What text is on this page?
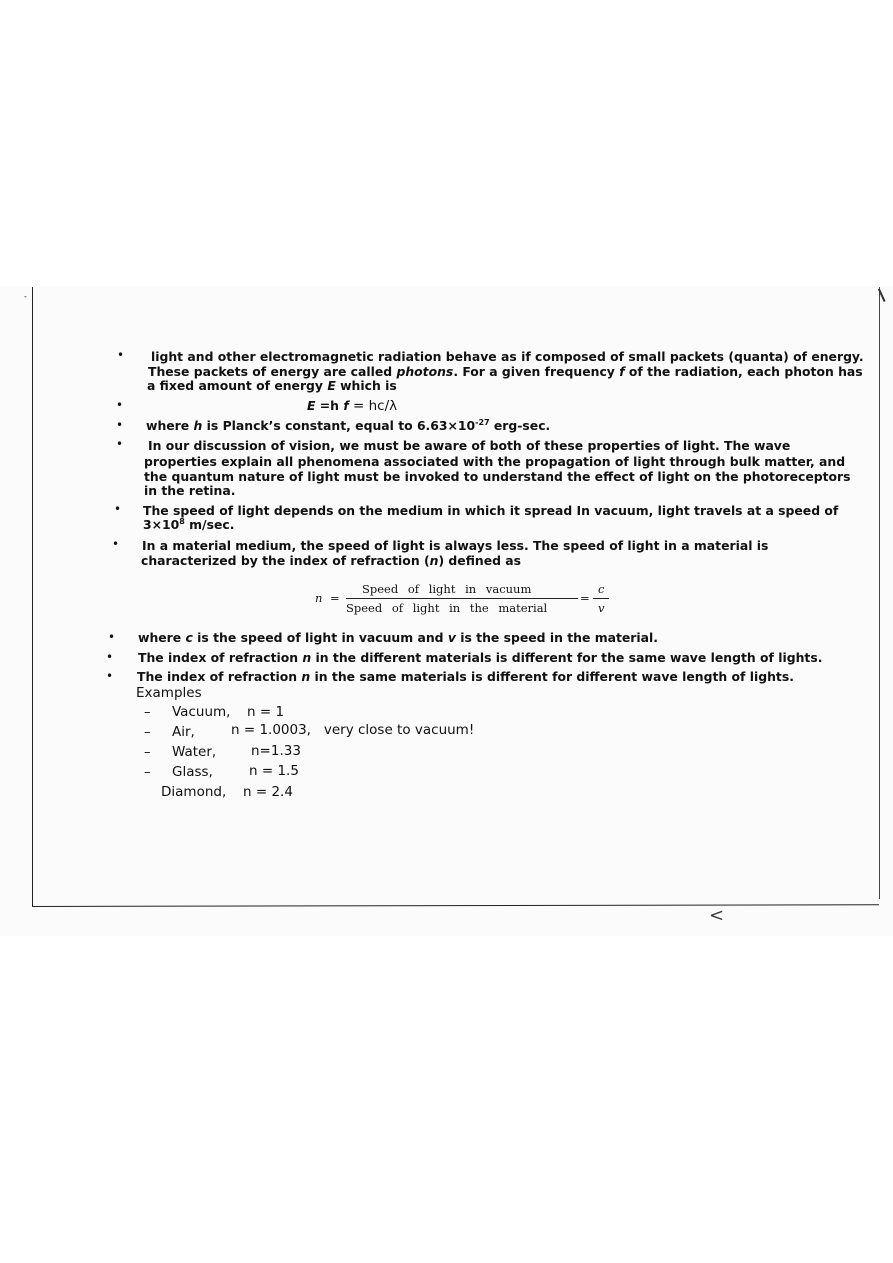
˗
<
• light and other electromagnetic radiation behave as if composed of small packets (quanta) of energy.

These packets of energy are called photons. For a given frequency f of the radiation, each photon has

a fixed amount of energy E which is

•	E =h f = hc/λ

• where h is Planck’s constant, equal to $6.63\times 10^{-27}$ erg-sec.

• In our discussion of vision, we must be aware of both of these properties of light. The wave

properties explain all phenomena associated with the propagation of light through bulk matter, and

the quantum nature of light must be invoked to understand the effect of light on the photoreceptors

in the retina.

• The speed of light depends on the medium in which it spread In vacuum, light travels at a speed of

$3\times 10^8$ m/sec.

• In a material medium, the speed of light is always less. The speed of light in a material is

characterized by the index of refraction (n) defined as

n =
Speed of light in vacuum
Speed of light in the material
=
c
v
• where c is the speed of light in vacuum and v is the speed in the material.

• The index of refraction n in the different materials is different for the same wave length of lights.

• The index of refraction n in the same materials is different for different wave length of lights.

Examples

– Vacuum, n = 1

– Air,	n = 1.0003,   very close to vacuum!

– Water,	n=1.33

– Glass,	n = 1.5

Diamond, n = 2.4
